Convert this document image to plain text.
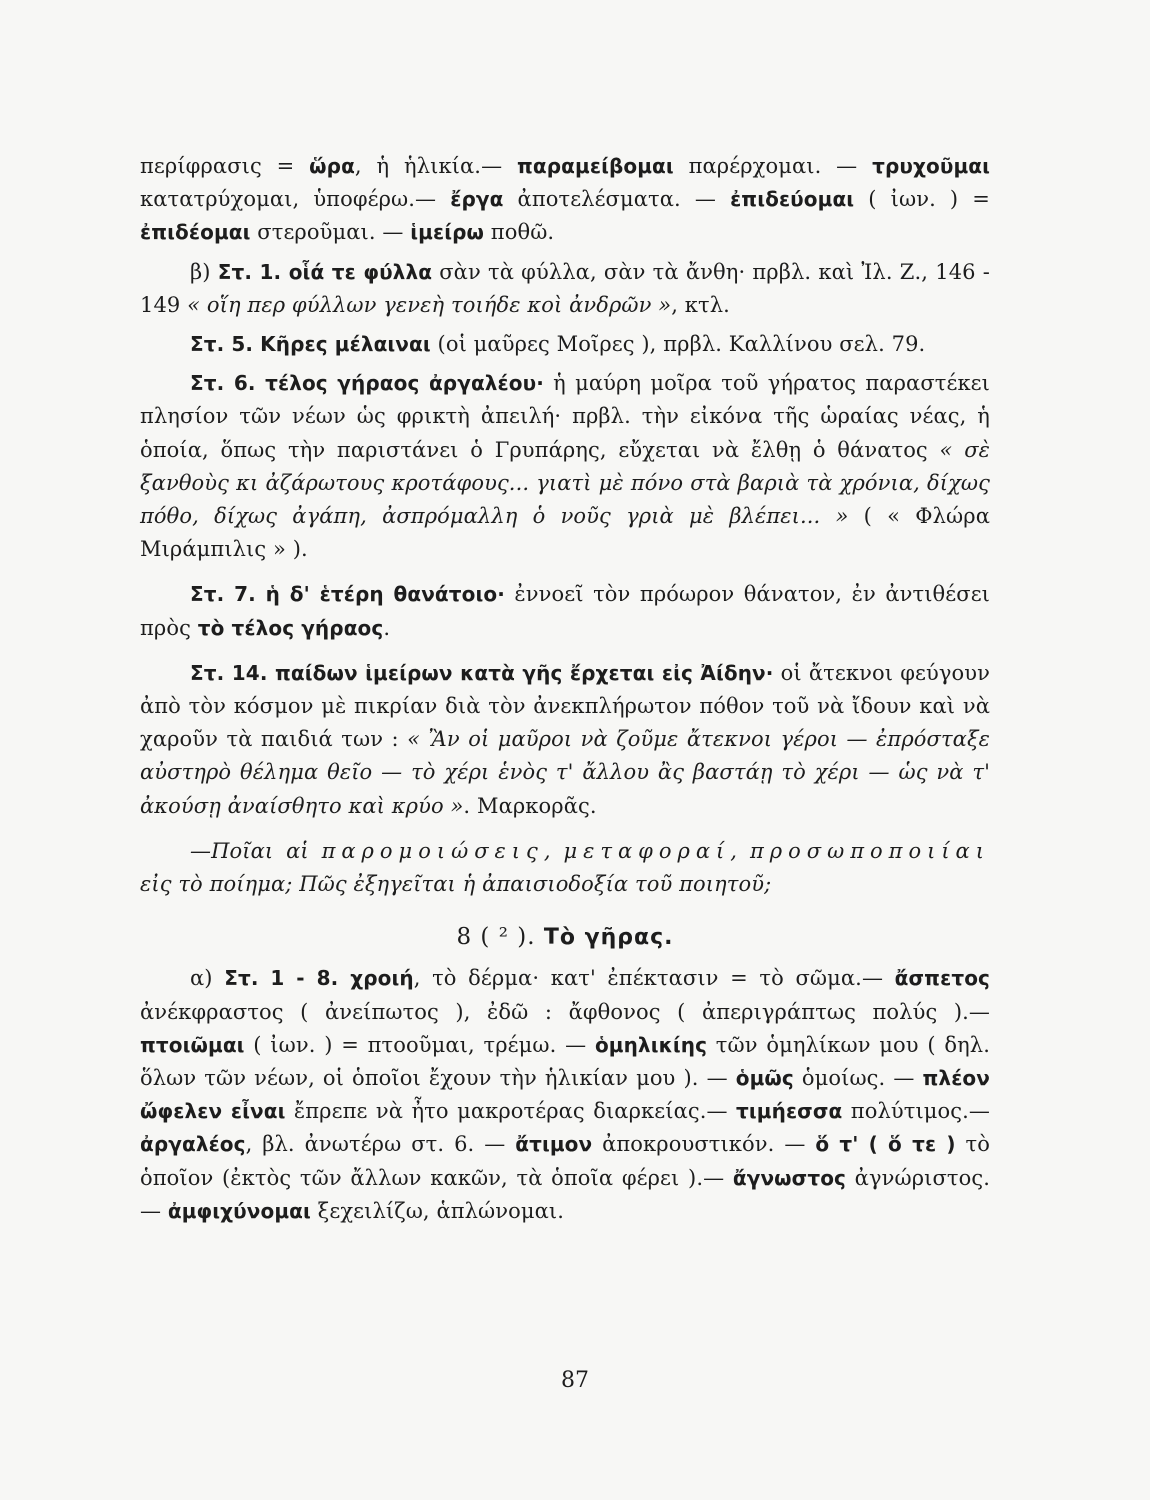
περίφρασις = ὥρα, ἡ ἡλικία.— παραμείβομαι παρέρχομαι. — τρυχοῦμαι κατατρύχομαι, ὑποφέρω.— ἔργα ἀποτελέσματα. — ἐπιδεύομαι ( ἰων. ) = ἐπιδέομαι στεροῦμαι. — ἱμείρω ποθῶ.

β) Στ. 1. οἷά τε φύλλα σὰν τὰ φύλλα, σὰν τὰ ἄνθη· πρβλ. καὶ Ἰλ. Ζ., 146 - 149 « οἵη περ φύλλων γενεὴ τοιήδε κοὶ ἀνδρῶν », κτλ.

Στ. 5. Κῆρες μέλαιναι (οἱ μαῦρες Μοῖρες ), πρβλ. Καλλίνου σελ. 79.

Στ. 6. τέλος γήραος ἀργαλέου· ἡ μαύρη μοῖρα τοῦ γήρατος παραστέκει πλησίον τῶν νέων ὡς φρικτὴ ἀπειλή· πρβλ. τὴν εἰκόνα τῆς ὡραίας νέας, ἡ ὁποία, ὅπως τὴν παριστάνει ὁ Γρυπάρης, εὔχεται νὰ ἔλθῃ ὁ θάνατος « σὲ ξανθοὺς κι ἀζάρωτους κροτάφους... γιατὶ μὲ πόνο στὰ βαριὰ τὰ χρόνια, δίχως πόθο, δίχως ἀγάπη, ἀσπρόμαλλη ὁ νοῦς γριὰ μὲ βλέπει... » ( « Φλώρα Μιράμπιλις » ).

Στ. 7. ἡ δ' ἑτέρη θανάτοιο· ἐννοεῖ τὸν πρόωρον θάνατον, ἐν ἀντιθέσει πρὸς τὸ τέλος γήραος.

Στ. 14. παίδων ἱμείρων κατὰ γῆς ἔρχεται εἰς Ἀίδην· οἱ ἄτεκνοι φεύγουν ἀπὸ τὸν κόσμον μὲ πικρίαν διὰ τὸν ἀνεκπλήρωτον πόθον τοῦ νὰ ἴδουν καὶ νὰ χαροῦν τὰ παιδιά των : « Ἂν οἱ μαῦροι νὰ ζοῦμε ἄτεκνοι γέροι — ἐπρόσταξε αὐστηρὸ θέλημα θεῖο — τὸ χέρι ἑνὸς τ' ἄλλου ἂς βαστάῃ τὸ χέρι — ὡς νὰ τ' ἀκούσῃ ἀναίσθητο καὶ κρύο ». Μαρκορᾶς.

—Ποῖαι αἱ παρομοιώσεις, μεταφοραί, προσωποποιίαι εἰς τὸ ποίημα; Πῶς ἐξηγεῖται ἡ ἀπαισιοδοξία τοῦ ποιητοῦ;

8 ( ² ). Τὸ γῆρας.

α) Στ. 1 - 8. χροιή, τὸ δέρμα· κατ' ἐπέκτασιν = τὸ σῶμα.— ἄσπετος ἀνέκφραστος ( ἀνείπωτος ), ἐδῶ : ἄφθονος ( ἀπεριγράπτως πολύς ).— πτοιῶμαι ( ἰων. ) = πτοοῦμαι, τρέμω. — ὁμηλικίης τῶν ὁμηλίκων μου ( δηλ. ὅλων τῶν νέων, οἱ ὁποῖοι ἔχουν τὴν ἡλικίαν μου ). — ὁμῶς ὁμοίως. — πλέον ὤφελεν εἶναι ἔπρεπε νὰ ἦτο μακροτέρας διαρκείας.— τιμήεσσα πολύτιμος.— ἀργαλέος, βλ. ἀνωτέρω στ. 6. — ἄτιμον ἀποκρουστικόν. — ὅ τ' ( ὅ τε ) τὸ ὁποῖον (ἐκτὸς τῶν ἄλλων κακῶν, τὰ ὁποῖα φέρει ).— ἄγνωστος ἀγνώριστος.— ἀμφιχύνομαι ξεχειλίζω, ἁπλώνομαι.

87
